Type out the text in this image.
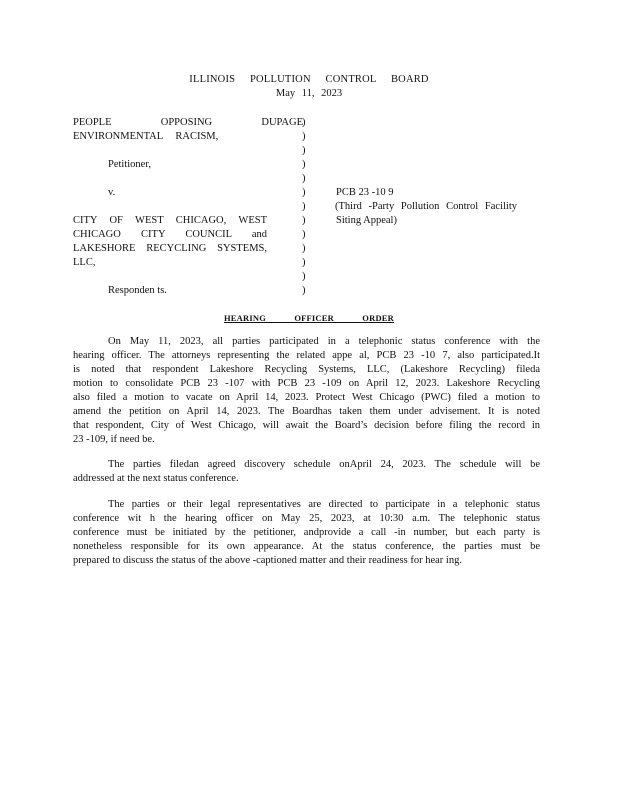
ILLINOIS POLLUTION CONTROL BOARD
May 11, 2023
PEOPLE OPPOSING DUPAGE
ENVIRONMENTAL RACISM,
Petitioner,
v.
CITY OF WEST CHICAGO, WEST
CHICAGO CITY COUNCIL and
LAKESHORE RECYCLING SYSTEMS,
LLC,
Responden ts.
)
)
)
)
)
)
)
)
)
)
)
)
)
PCB 23 -10 9
(Third -Party Pollution Control Facility
Siting Appeal)
HEARING OFFICER ORDER
On May 11, 2023, all parties participated in a telephonic status conference with the
hearing officer. The attorneys representing the related appe al, PCB 23 -10 7, also participated.It
is noted that respondent Lakeshore Recycling Systems, LLC, (Lakeshore Recycling) fileda
motion to consolidate PCB 23 -107 with PCB 23 -109 on April 12, 2023. Lakeshore Recycling
also filed a motion to vacate on April 14, 2023. Protect West Chicago (PWC) filed a motion to
amend the petition on April 14, 2023. The Boardhas taken them under advisement. It is noted
that respondent, City of West Chicago, will await the Board’s decision before filing the record in
23 -109, if need be.
The parties filedan agreed discovery schedule onApril 24, 2023. The schedule will be
addressed at the next status conference.
The parties or their legal representatives are directed to participate in a telephonic status
conference wit h the hearing officer on May 25, 2023, at 10:30 a.m. The telephonic status
conference must be initiated by the petitioner, andprovide a call -in number, but each party is
nonetheless responsible for its own appearance. At the status conference, the parties must be
prepared to discuss the status of the above -captioned matter and their readiness for hear ing.
